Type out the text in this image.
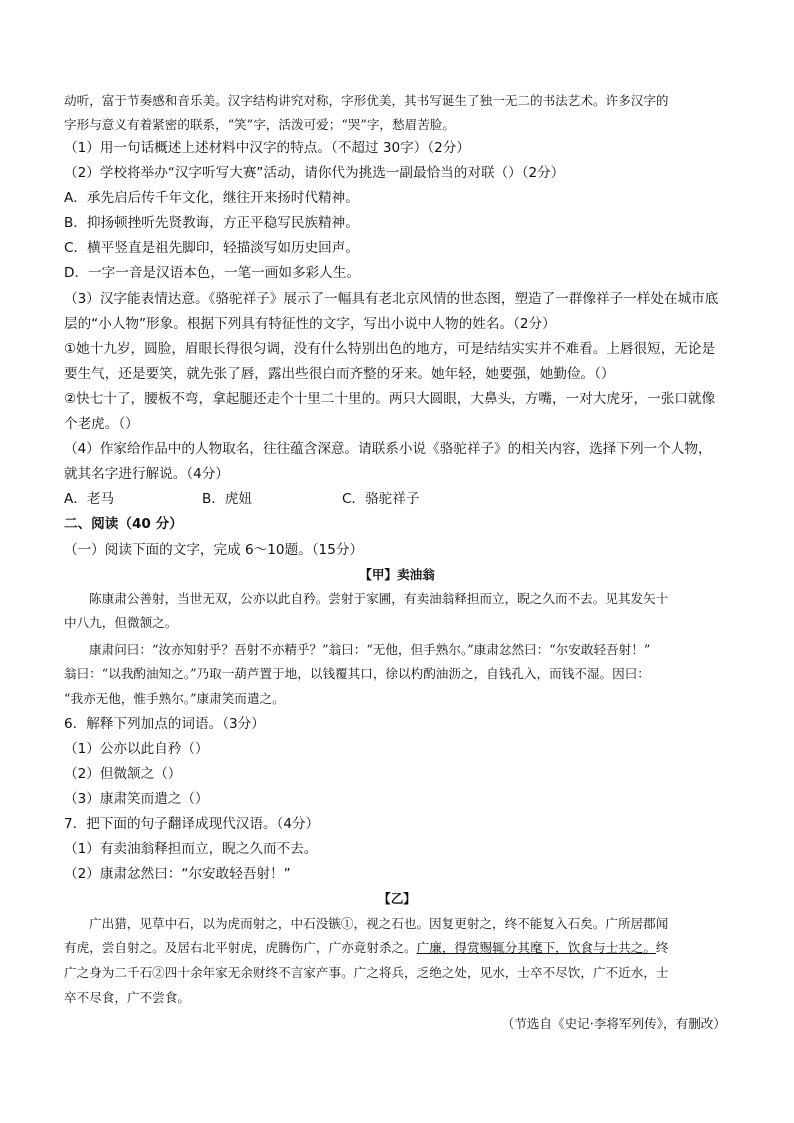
动听，富于节奏感和音乐美。汉字结构讲究对称，字形优美，其书写诞生了独一无二的书法艺术。许多汉字的
字形与意义有着紧密的联系，“笑”字，活泼可爱；“哭”字，愁眉苦脸。
（1）用一句话概述上述材料中汉字的特点。（不超过 30字）（2分）
（2）学校将举办“汉字听写大赛”活动，请你代为挑选一副最恰当的对联（）（2分）
A．承先启后传千年文化，继往开来扬时代精神。
B．抑扬顿挫听先贤教诲，方正平稳写民族精神。
C．横平竖直是祖先脚印，轻描淡写如历史回声。
D．一字一音是汉语本色，一笔一画如多彩人生。
（3）汉字能表情达意。《骆驼祥子》展示了一幅具有老北京风情的世态图，塑造了一群像祥子一样处在城市底
层的“小人物”形象。根据下列具有特征性的文字，写出小说中人物的姓名。（2分）
①她十九岁，圆脸，眉眼长得很匀调，没有什么特别出色的地方，可是结结实实并不难看。上唇很短，无论是
要生气，还是要笑，就先张了唇，露出些很白而齐整的牙来。她年轻，她要强，她勤俭。（）
②快七十了，腰板不弯，拿起腿还走个十里二十里的。两只大圆眼，大鼻头，方嘴，一对大虎牙，一张口就像
个老虎。（）
（4）作家给作品中的人物取名，往往蕴含深意。请联系小说《骆驼祥子》的相关内容，选择下列一个人物，
就其名字进行解说。（4分）
A．老马	B．虎妞	C．骆驼祥子
二、阅读（40 分）
（一）阅读下面的文字，完成 6～10题。（15分）
【甲】卖油翁
陈康肃公善射，当世无双，公亦以此自矜。尝射于家圃，有卖油翁释担而立，睨之久而不去。见其发矢十
中八九，但微颔之。
康肃问曰：“汝亦知射乎？吾射不亦精乎？”翁曰：“无他，但手熟尔。”康肃忿然曰：“尔安敢轻吾射！”
翁曰：“以我酌油知之。”乃取一葫芦置于地，以钱覆其口，徐以杓酌油沥之，自钱孔入，而钱不湿。因曰：
“我亦无他，惟手熟尔。”康肃笑而遣之。
6．解释下列加点的词语。（3分）
（1）公亦以此自矜（）
（2）但微颔之（）
（3）康肃笑而遣之（）
7．把下面的句子翻译成现代汉语。（4分）
（1）有卖油翁释担而立，睨之久而不去。
（2）康肃忿然曰：“尔安敢轻吾射！”
【乙】
广出猎，见草中石，以为虎而射之，中石没镞①，视之石也。因复更射之，终不能复入石矣。广所居郡闻
有虎，尝自射之。及居右北平射虎，虎腾伤广，广亦竟射杀之。广廉，得赏赐辄分其麾下，饮食与士共之。终
广之身为二千石②四十余年家无余财终不言家产事。广之将兵，乏绝之处，见水，士卒不尽饮，广不近水，士
卒不尽食，广不尝食。
（节选自《史记·李将军列传》，有删改）
